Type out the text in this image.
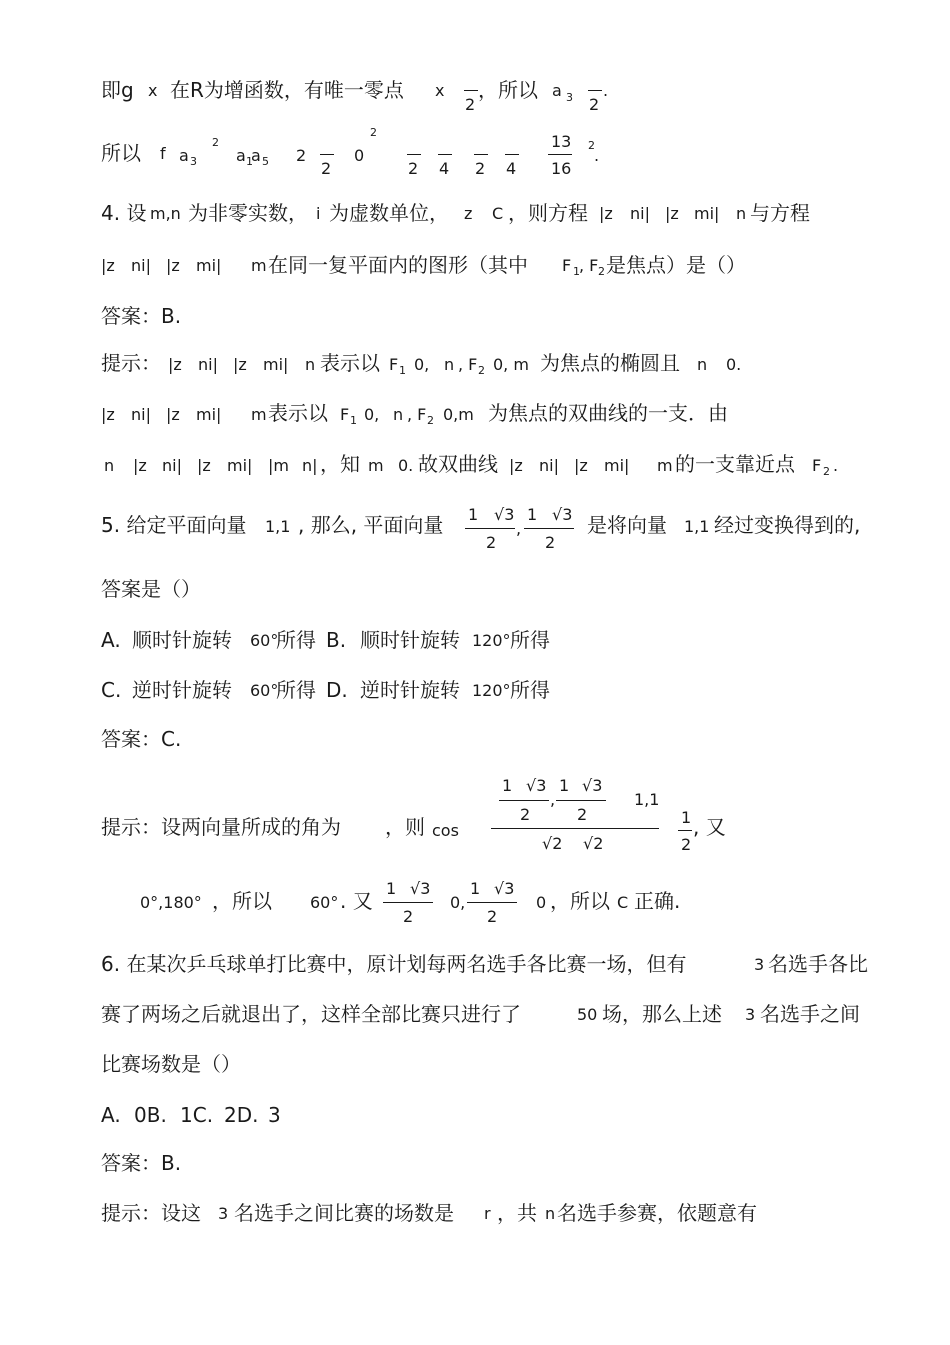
即g x 在R为增函数，有唯一零点 x
2
，所以 a 3 2
.
所以 f a 3
2
a 1
a 5 2
2
0
2
2 4 2 4
13
16
2
.
4. 设 m,n 为非零实数， i 为虚数单位， z C ，则方程 |z ni| |z mi| n 与方程
|z ni| |z mi| m 在同一复平面内的图形（其中 F 1 , F 2 是焦点）是（）
答案：B.
提示： |z ni| |z mi| n 表示以 F 1 0, n , F 2 0, m 为焦点的椭圆且 n 0.
|z ni| |z mi| m 表示以 F 1 0, n , F 2 0,m 为焦点的双曲线的一支．由
n |z ni| |z mi| |m n| ，知 m 0. 故双曲线 |z ni| |z mi| m 的一支靠近点 F 2 .
5. 给定平面向量 1,1 , 那么, 平面向量 1 √3
2
,
1 √3
2
是将向量 1,1 经过变换得到的,
答案是（）
A. 顺时针旋转 60°
所得 B. 顺时针旋转 120° 所得
C. 逆时针旋转 60°
所得 D. 逆时针旋转 120° 所得
答案：C.
提示：设两向量所成的角为 ，则 cos
1 √3
2
,
1 √3
2
1,1
√2 √2
1
2
, 又
0°,180° ，所以 60° . 又
1 √3
2
0,
1 √3
2
0 ，所以 C 正确.
6. 在某次乒乓球单打比赛中，原计划每两名选手各比赛一场，但有	3 名选手各比
赛了两场之后就退出了，这样全部比赛只进行了	50 场，那么上述 3 名选手之间
比赛场数是（）
A. 0B. 1C. 2D. 3
答案：B.
提示：设这 3 名选手之间比赛的场数是 r ，共 n 名选手参赛，依题意有
